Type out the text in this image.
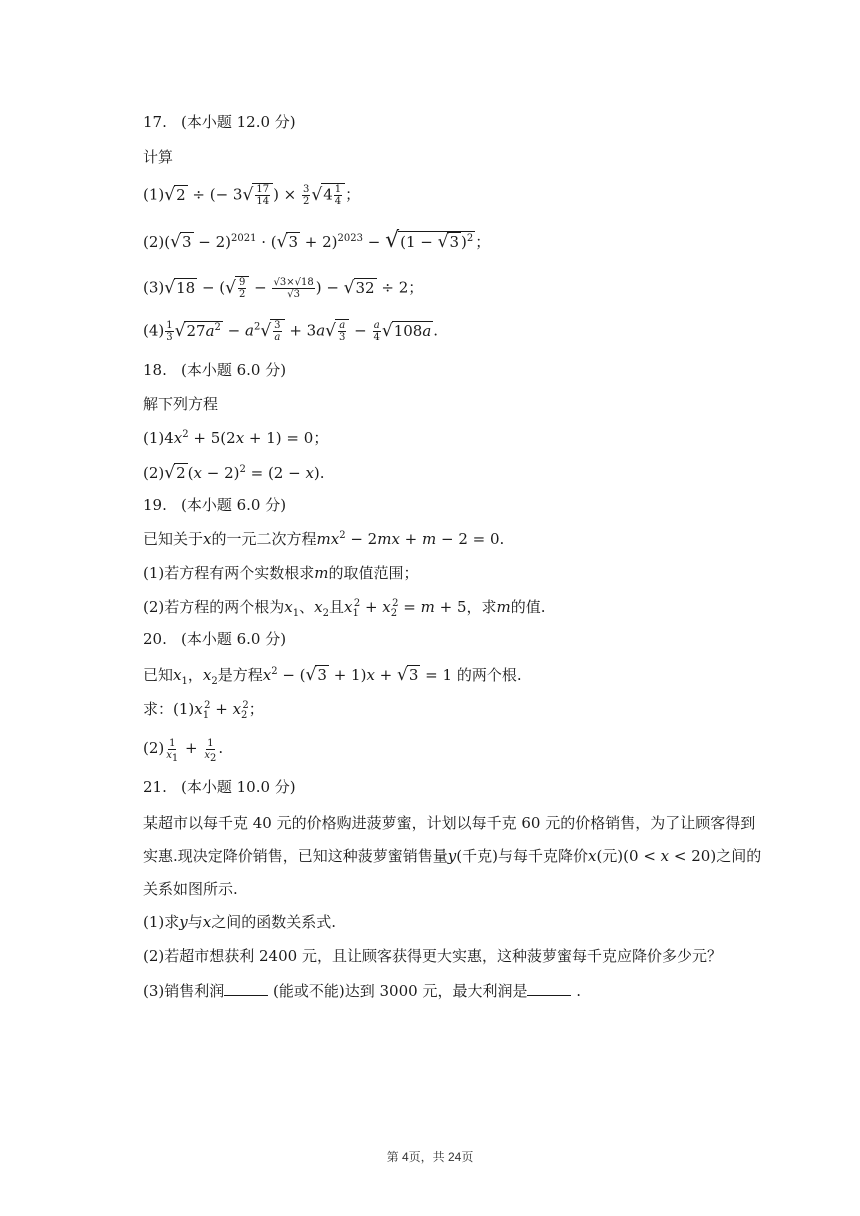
17. (本小题 12.0 分)
计算
(1)√2 ÷ (− $3√ \frac{17}{14}$ ) × $\frac{3}{2} √4 \frac{1}{4}$ ；
$(2)(√3 - 2)^{2021} \cdot (√3 + 2)^{2023} - √(1 - √3$ )$^2$ ；
(3)√18 − (√ $\frac{9}{2} - \frac{√3\times√18}{√3}$ ) − √32 ÷ 2；
$(4) \frac{1}{3} √27a^2 - a^2√ \frac{3}{a} + 3a√ \frac{a}{3} - \frac{a}{4} √108a$ .
18. (本小题 6.0 分)
解下列方程
$(1)4x^2 + 5(2x + 1) = 0$；
(2)√2 $(x - 2)^2 = (2 - x)$.
19. (本小题 6.0 分)
已知关于x的一元二次方程$mx^2 - 2mx + m - 2 = 0$.
(1)若方程有两个实数根求m的取值范围；
(2)若方程的两个根为$x_1$、$x_2$且$x_1^2 + x_2^2 = m + 5$，求m的值.
20. (本小题 6.0 分)
已知$x_1$，$x_2$是方程$x^2 - (√3 + 1)x + √3 = 1$ 的两个根.
求：$(1)x_1^2 + x_2^2$；
$(2) \frac{1}{x_1} + \frac{1}{x_2}$ .
21. (本小题 10.0 分)
某超市以每千克 40 元的价格购进菠萝蜜，计划以每千克 60 元的价格销售，为了让顾客得到实惠.现决定降价销售，已知这种菠萝蜜销售量y(千克)与每千克降价x(元)(0 < x < 20)之间的关系如图所示.
(1)求y与x之间的函数关系式.
(2)若超市想获利 2400 元，且让顾客获得更大实惠，这种菠萝蜜每千克应降价多少元？
(3)销售利润	(能或不能)达到 3000 元，最大利润是	.
第 4页，共 24页
